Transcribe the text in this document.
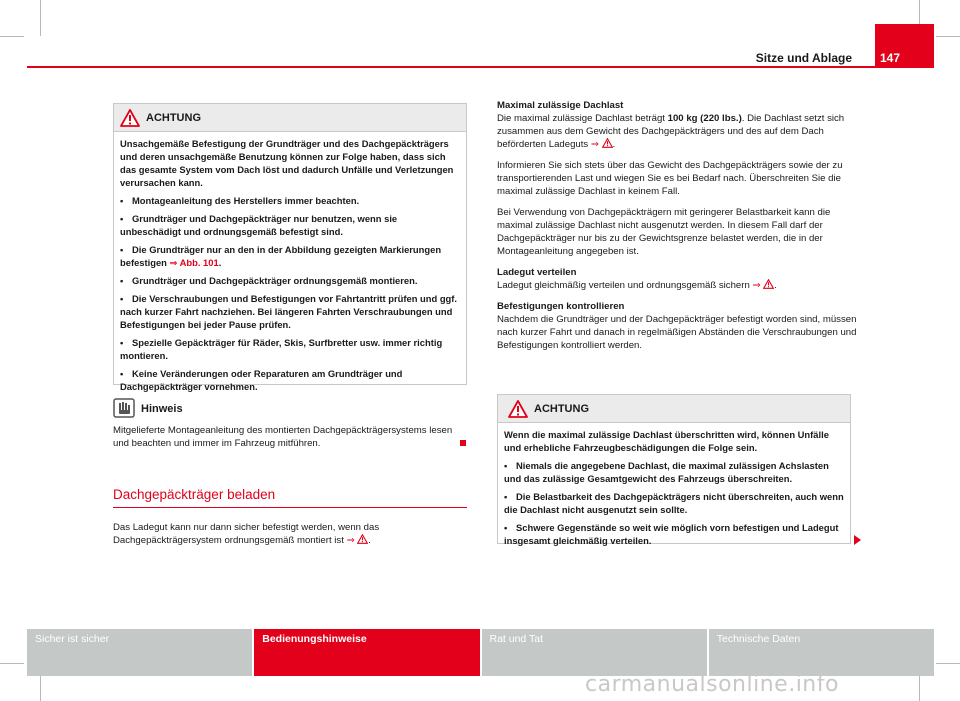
Sitze und Ablage 147
ACHTUNG

Unsachgemäße Befestigung der Grundträger und des Dachgepäckträgers und deren unsachgemäße Benutzung können zur Folge haben, dass sich das gesamte System vom Dach löst und dadurch Unfälle und Verletzungen verursachen kann.

• Montageanleitung des Herstellers immer beachten.

• Grundträger und Dachgepäckträger nur benutzen, wenn sie unbeschädigt und ordnungsgemäß befestigt sind.

• Die Grundträger nur an den in der Abbildung gezeigten Markierungen befestigen ⇒ Abb. 101.

• Grundträger und Dachgepäckträger ordnungsgemäß montieren.

• Die Verschraubungen und Befestigungen vor Fahrtantritt prüfen und ggf. nach kurzer Fahrt nachziehen. Bei längeren Fahrten Verschraubungen und Befestigungen bei jeder Pause prüfen.

• Spezielle Gepäckträger für Räder, Skis, Surfbretter usw. immer richtig montieren.

• Keine Veränderungen oder Reparaturen am Grundträger und Dachgepäckträger vornehmen.

Hinweis

Mitgelieferte Montageanleitung des montierten Dachgepäckträgersystems lesen und beachten und immer im Fahrzeug mitführen.

Dachgepäckträger beladen

Das Ladegut kann nur dann sicher befestigt werden, wenn das Dachgepäckträgersystem ordnungsgemäß montiert ist ⇒ .

Maximal zulässige Dachlast

Die maximal zulässige Dachlast beträgt 100 kg (220 lbs.). Die Dachlast setzt sich zusammen aus dem Gewicht des Dachgepäckträgers und des auf dem Dach beförderten Ladeguts ⇒ .

Informieren Sie sich stets über das Gewicht des Dachgepäckträgers sowie der zu transportierenden Last und wiegen Sie es bei Bedarf nach. Überschreiten Sie die maximal zulässige Dachlast in keinem Fall.

Bei Verwendung von Dachgepäckträgern mit geringerer Belastbarkeit kann die maximal zulässige Dachlast nicht ausgenutzt werden. In diesem Fall darf der Dachgepäckträger nur bis zu der Gewichtsgrenze belastet werden, die in der Montageanleitung angegeben ist.

Ladegut verteilen

Ladegut gleichmäßig verteilen und ordnungsgemäß sichern ⇒ .

Befestigungen kontrollieren

Nachdem die Grundträger und der Dachgepäckträger befestigt worden sind, müssen nach kurzer Fahrt und danach in regelmäßigen Abständen die Verschraubungen und Befestigungen kontrolliert werden.

ACHTUNG

Wenn die maximal zulässige Dachlast überschritten wird, können Unfälle und erhebliche Fahrzeugbeschädigungen die Folge sein.

• Niemals die angegebene Dachlast, die maximal zulässigen Achslasten und das zulässige Gesamtgewicht des Fahrzeugs überschreiten.

• Die Belastbarkeit des Dachgepäckträgers nicht überschreiten, auch wenn die Dachlast nicht ausgenutzt sein sollte.

• Schwere Gegenstände so weit wie möglich vorn befestigen und Ladegut insgesamt gleichmäßig verteilen.

Sicher ist sicher	Bedienungshinweise	Rat und Tat	Technische Daten
carmanualsonline.info
